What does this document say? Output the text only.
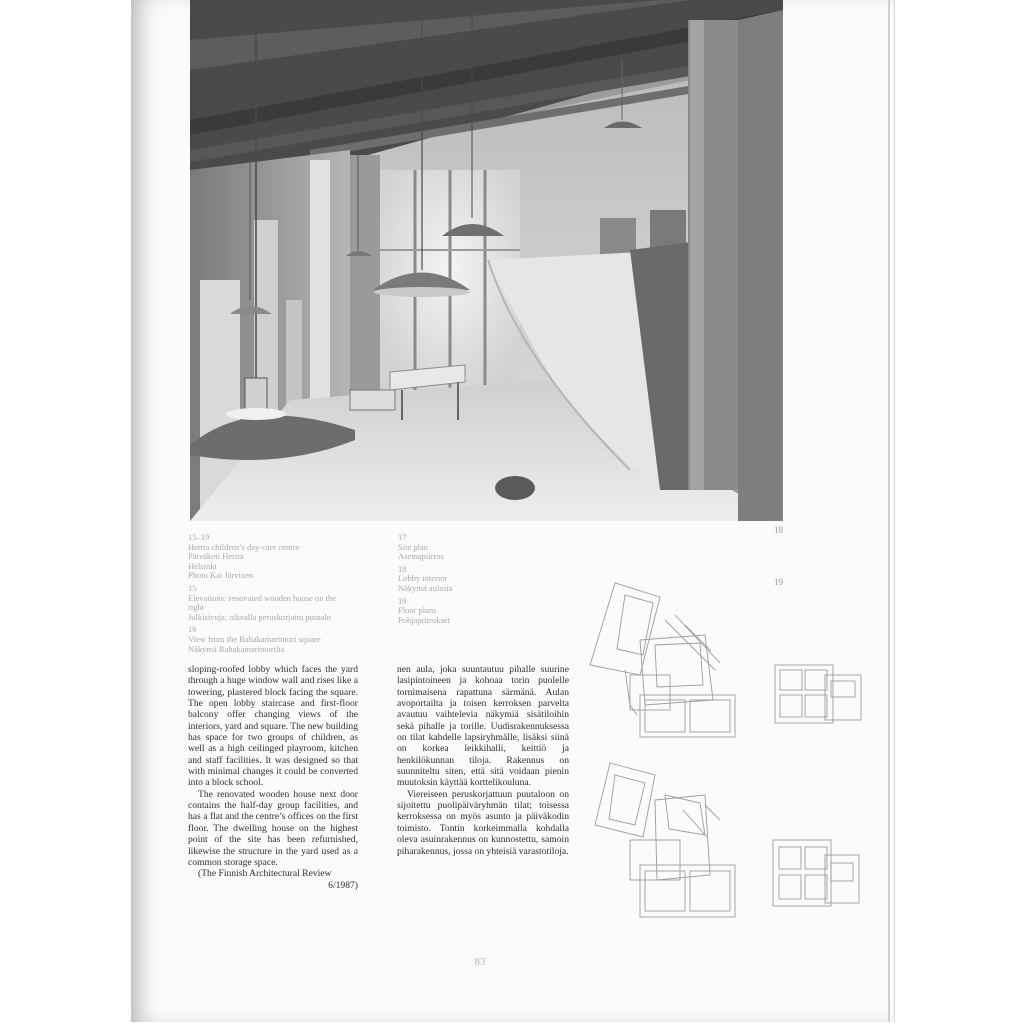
18
15–19
Hertta children’s day-care centre
Päiväkoti Hertta
Helsinki
Photo Kai Järvinen
15
Elevations: renovated wooden house on the
right
Julkisivuja; oikealla peruskorjattu puutalo
16
View from the Rahakamarintori square
Näkymä Rahakamarintorilta
17
Site plan
Asemapiirros
18
Lobby interior
Näkymä aulasta
19
Floor plans
Pohjapiirrokset

sloping-roofed lobby which faces the yard through a huge window wall and rises like a towering, plastered block facing the square. The open lobby staircase and first-floor balcony offer changing views of the interiors, yard and square. The new building has space for two groups of children, as well as a high ceilinged playroom, kitchen and staff facilities. It was designed so that with minimal changes it could be converted into a block school.

The renovated wooden house next door contains the half-day group facilities, and has a flat and the centre’s offices on the first floor. The dwelling house on the highest point of the site has been refurnished, likewise the structure in the yard used as a common storage space.

(The Finnish Architectural Review

6/1987)

nen aula, joka suuntautuu pihalle suurine lasipintoineen ja kohoaa torin puolelle tornimaisena rapattuna särmänä. Aulan avoportailta ja toisen kerroksen parvelta avautuu vaihtelevia näkymiä sisätiloihin sekä pihalle ja torille. Uudisrakennuksessa on tilat kahdelle lapsiryhmälle, lisäksi siinä on korkea leikkihalli, keittiö ja henkilökunnan tiloja. Rakennus on suunniteltu siten, että sitä voidaan pienin muutoksin käyttää korttelikouluna.

Viereiseen peruskorjattuun puutaloon on sijoitettu puolipäiväryhmän tilat; toisessa kerroksessa on myös asunto ja päiväkodin toimisto. Tontin korkeimmalla kohdalla oleva asuinrakennus on kunnostettu, samoin piharakennus, jossa on yhteisiä varastotiloja.

19
83
